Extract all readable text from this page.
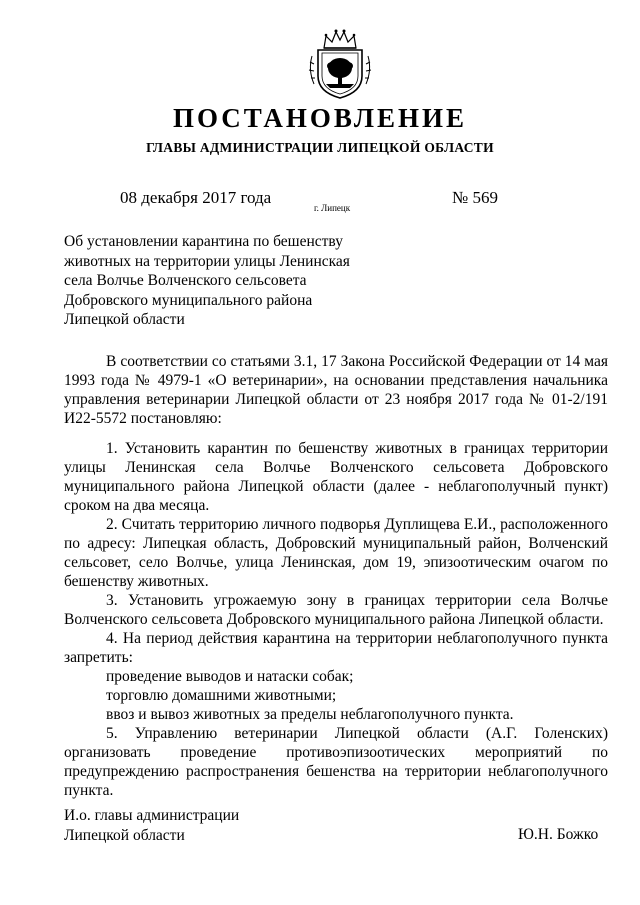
ПОСТАНОВЛЕНИЕ
ГЛАВЫ АДМИНИСТРАЦИИ ЛИПЕЦКОЙ ОБЛАСТИ
08 декабря 2017 года
г. Липецк
№ 569
Об установлении карантина по бешенству
животных на территории улицы Ленинская
села Волчье Волченского сельсовета
Добровского муниципального района
Липецкой области

В соответствии со статьями 3.1, 17 Закона Российской Федерации от 14 мая 1993 года № 4979-1 «О ветеринарии», на основании представления начальника управления ветеринарии Липецкой области от 23 ноября 2017 года № 01-2/191 И22-5572 постановляю:

1. Установить карантин по бешенству животных в границах территории улицы Ленинская села Волчье Волченского сельсовета Добровского муниципального района Липецкой области (далее - неблагополучный пункт) сроком на два месяца.

2. Считать территорию личного подворья Дуплищева Е.И., расположенного по адресу: Липецкая область, Добровский муниципальный район, Волченский сельсовет, село Волчье, улица Ленинская, дом 19, эпизоотическим очагом по бешенству животных.

3. Установить угрожаемую зону в границах территории села Волчье Волченского сельсовета Добровского муниципального района Липецкой области.

4. На период действия карантина на территории неблагополучного пункта запретить:

проведение выводов и натаски собак;

торговлю домашними животными;

ввоз и вывоз животных за пределы неблагополучного пункта.

5. Управлению ветеринарии Липецкой области (А.Г. Голенских) организовать проведение противоэпизоотических мероприятий по предупреждению распространения бешенства на территории неблагополучного пункта.

И.о. главы администрации
Липецкой области	Ю.Н. Божко
